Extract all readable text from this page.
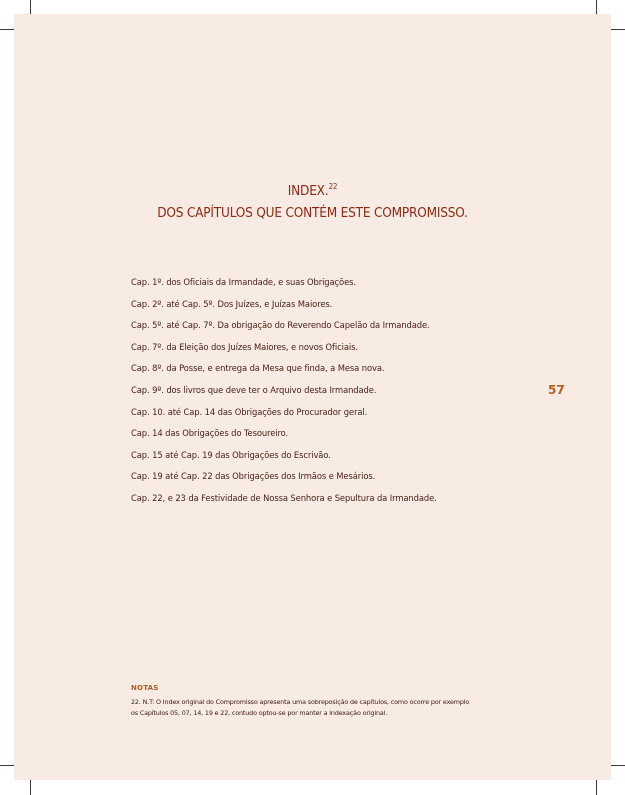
INDEX.$^{22}$
DOS CAPÍTULOS QUE CONTÉM ESTE COMPROMISSO.
Cap. 1º. dos Oficiais da Irmandade, e suas Obrigações.
Cap. 2º. até Cap. 5º. Dos Juízes, e Juízas Maiores.
Cap. 5º. até Cap. 7º. Da obrigação do Reverendo Capelão da Irmandade.
Cap. 7º. da Eleição dos Juízes Maiores, e novos Oficiais.
Cap. 8º. da Posse, e entrega da Mesa que finda, a Mesa nova.
Cap. 9º. dos livros que deve ter o Arquivo desta Irmandade.
Cap. 10. até Cap. 14 das Obrigações do Procurador geral.
Cap. 14 das Obrigações do Tesoureiro.
Cap. 15 até Cap. 19 das Obrigações do Escrivão.
Cap. 19 até Cap. 22 das Obrigações dos Irmãos e Mesários.
Cap. 22, e 23 da Festividade de Nossa Senhora e Sepultura da Irmandade.
57
NOTAS
22. N.T: O Index original do Compromisso apresenta uma sobreposição de capítulos, como ocorre por exemplo
os Capítulos 05, 07, 14, 19 e 22, contudo optou-se por manter a indexação original.
